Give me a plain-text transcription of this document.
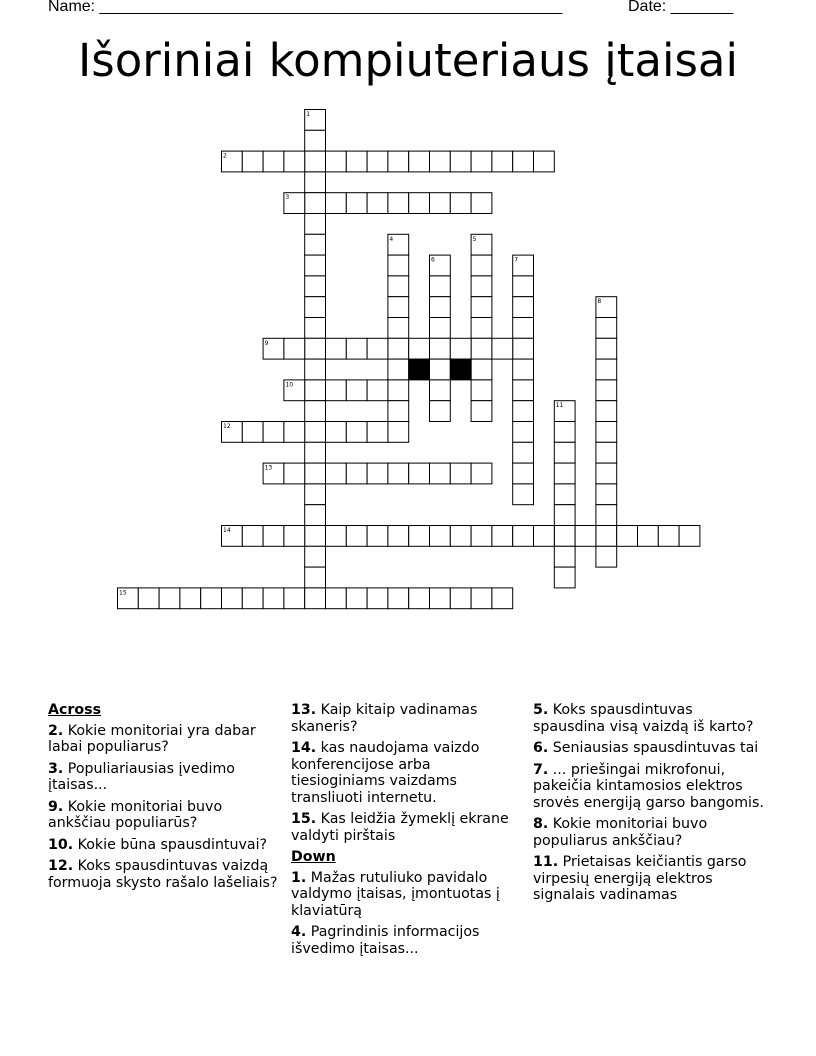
Name: ____________________________________________________	Date: _______
Išoriniai kompiuteriaus įtaisai
1
2
3
4	5
6	7
8
9
10
11
12
13
14
15
Across
2. Kokie monitoriai yra dabar labai populiarus?
3. Populiariausias įvedimo įtaisas...
9. Kokie monitoriai buvo ankščiau populiarūs?
10. Kokie būna spausdintuvai?
12. Koks spausdintuvas vaizdą formuoja skysto rašalo lašeliais?
13. Kaip kitaip vadinamas skaneris?
14. kas naudojama vaizdo konferencijose arba tiesioginiams vaizdams transliuoti internetu.
15. Kas leidžia žymeklį ekrane valdyti pirštais
Down
1. Mažas rutuliuko pavidalo valdymo įtaisas, įmontuotas į klaviatūrą
4. Pagrindinis informacijos išvedimo įtaisas...
5. Koks spausdintuvas spausdina visą vaizdą iš karto?
6. Seniausias spausdintuvas tai
7. ... priešingai mikrofonui, pakeičia kintamosios elektros srovės energiją garso bangomis.
8. Kokie monitoriai buvo populiarus ankščiau?
11. Prietaisas keičiantis garso virpesių energiją elektros signalais vadinamas
